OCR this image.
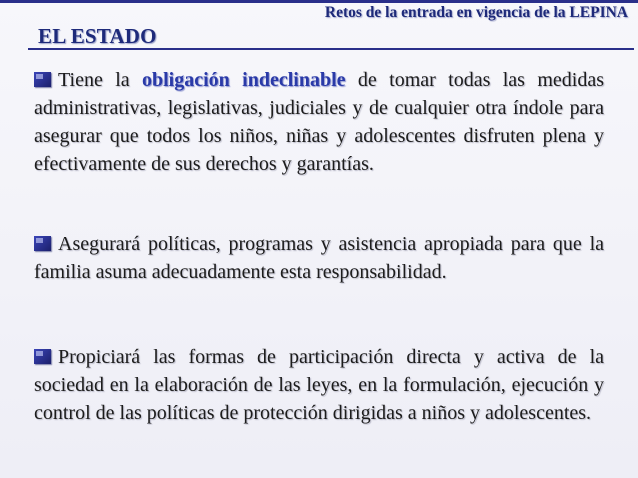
EL ESTADO
Retos de la entrada en vigencia de la LEPINA
Tiene la obligación indeclinable de tomar todas las medidas administrativas, legislativas, judiciales y de cualquier otra índole para asegurar que todos los niños, niñas y adolescentes disfruten plena y efectivamente de sus derechos y garantías.
Asegurará políticas, programas y asistencia apropiada para que la familia asuma adecuadamente esta responsabilidad.
Propiciará las formas de participación directa y activa de la sociedad en la elaboración de las leyes, en la formulación, ejecución y control de las políticas de protección dirigidas a niños y adolescentes.
